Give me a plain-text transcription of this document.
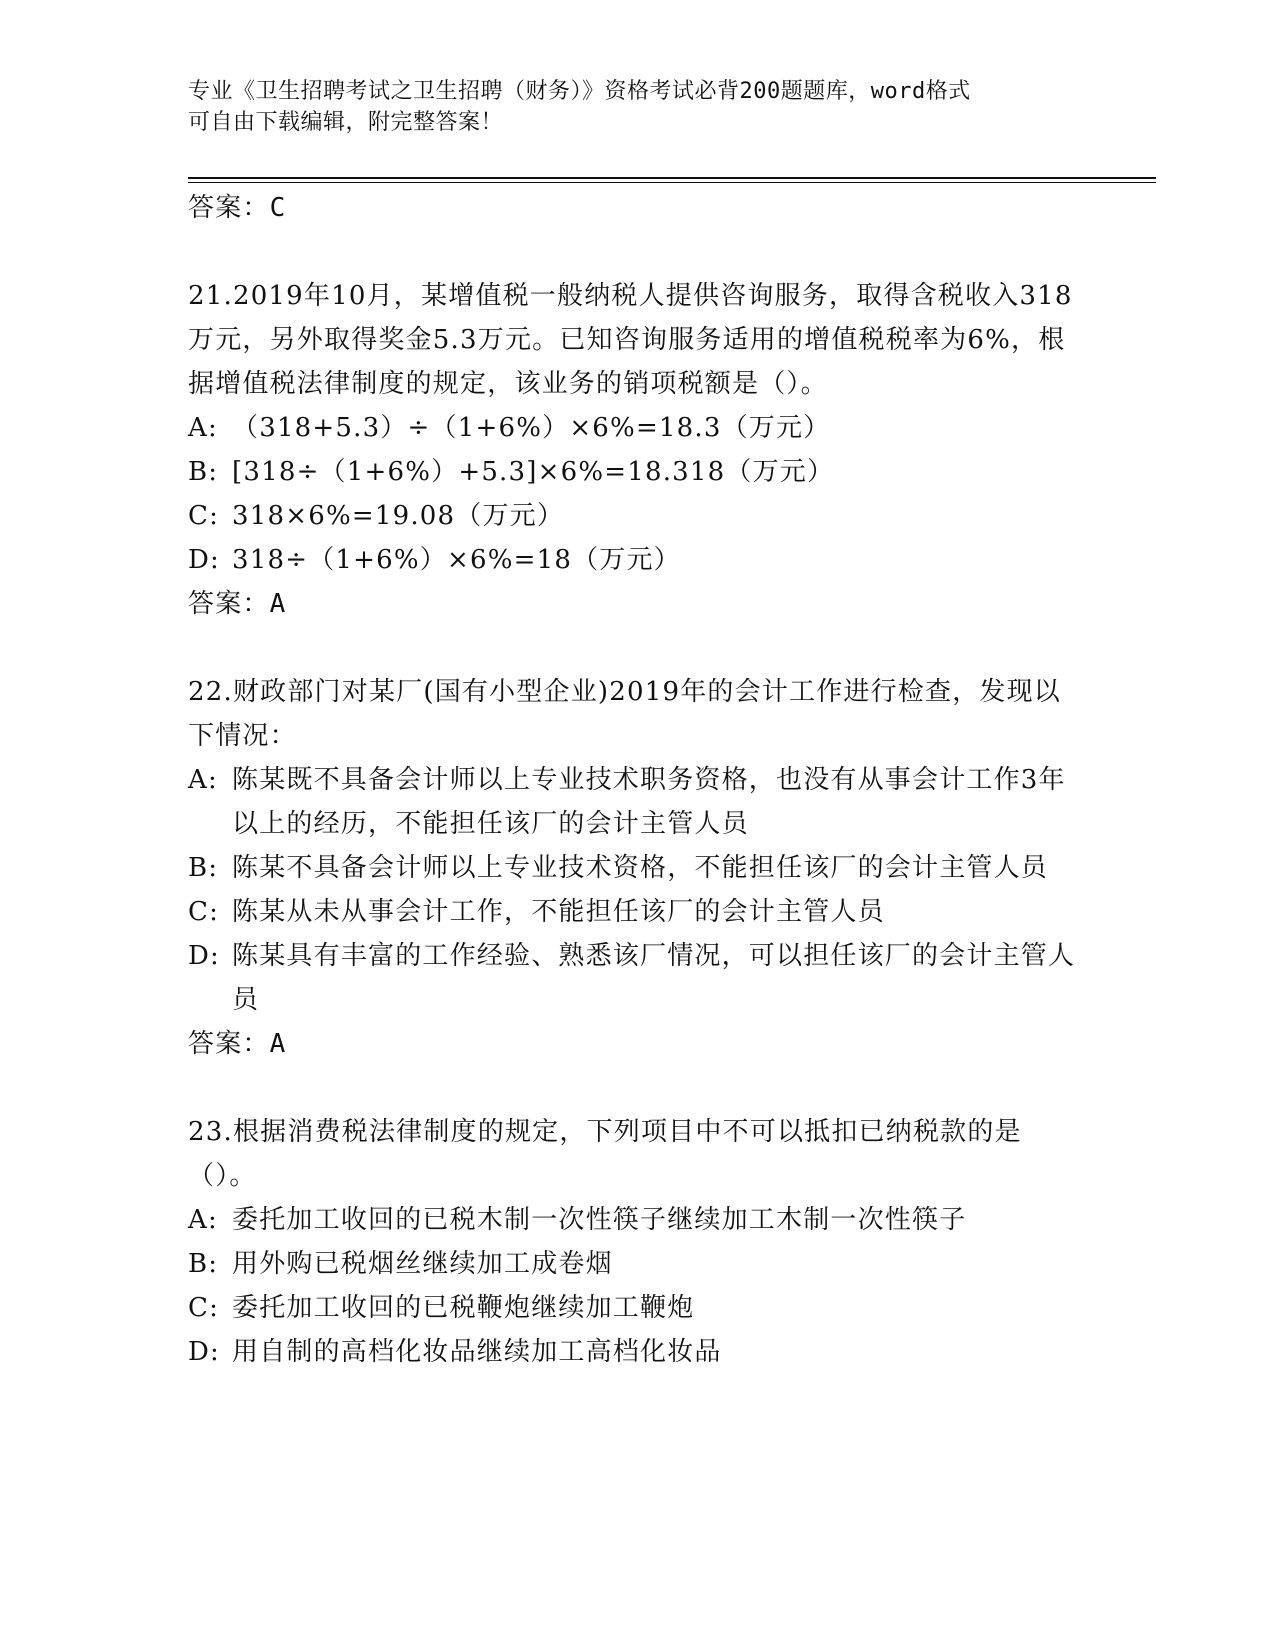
专业《卫生招聘考试之卫生招聘（财务）》资格考试必背200题题库，word格式
可自由下载编辑，附完整答案！
答案：C

21.2019年10月，某增值税一般纳税人提供咨询服务，取得含税收入318万元，另外取得奖金5.3万元。已知咨询服务适用的增值税税率为6%，根据增值税法律制度的规定，该业务的销项税额是（）。

A: （318+5.3）÷（1+6%）×6%=18.3（万元）
B: [318÷（1+6%）+5.3]×6%=18.318（万元）
C: 318×6%=19.08（万元）
D: 318÷（1+6%）×6%=18（万元）
答案：A

22.财政部门对某厂(国有小型企业)2019年的会计工作进行检查，发现以下情况：

A: 陈某既不具备会计师以上专业技术职务资格，也没有从事会计工作3年以上的经历，不能担任该厂的会计主管人员
B: 陈某不具备会计师以上专业技术资格，不能担任该厂的会计主管人员
C: 陈某从未从事会计工作，不能担任该厂的会计主管人员
D: 陈某具有丰富的工作经验、熟悉该厂情况，可以担任该厂的会计主管人员
答案：A

23.根据消费税法律制度的规定，下列项目中不可以抵扣已纳税款的是（）。

A: 委托加工收回的已税木制一次性筷子继续加工木制一次性筷子
B: 用外购已税烟丝继续加工成卷烟
C: 委托加工收回的已税鞭炮继续加工鞭炮
D: 用自制的高档化妆品继续加工高档化妆品
